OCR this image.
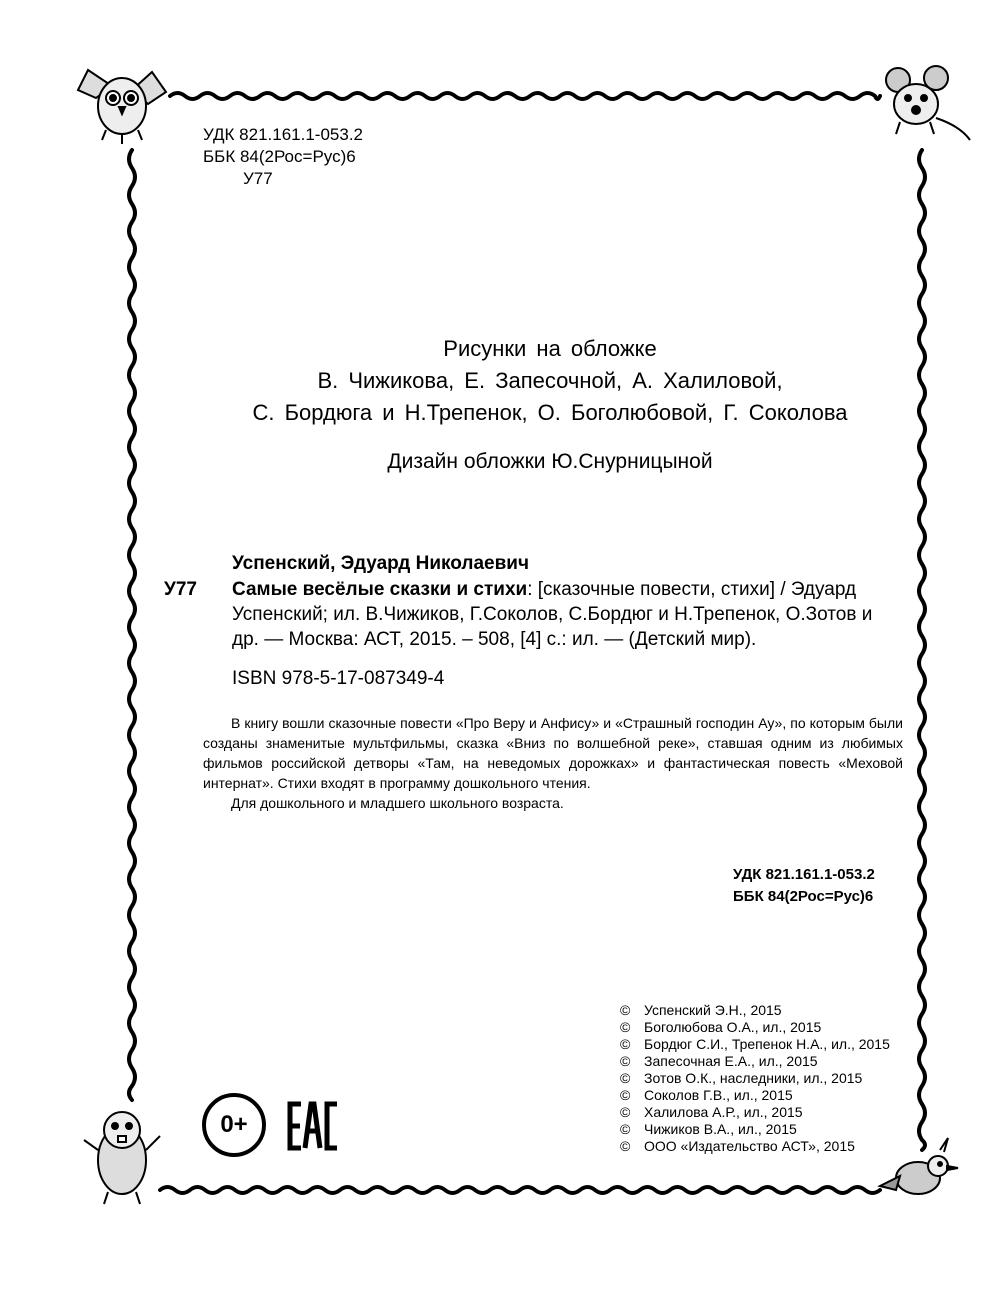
УДК 821.161.1-053.2
ББК 84(2Рос=Рус)6
У77
Рисунки на обложке
В. Чижикова, Е. Запесочной, А. Халиловой,
С. Бордюга и Н.Трепенок, О. Боголюбовой, Г. Соколова
Дизайн обложки Ю.Снурницыной
Успенский, Эдуард Николаевич
У77 Самые весёлые сказки и стихи: [сказочные повести, стихи] / Эдуард Успенский; ил. В.Чижиков, Г.Соколов, С.Бордюг и Н.Трепенок, О.Зотов и др. — Москва: АСТ, 2015. – 508, [4] с.: ил. — (Детский мир).
ISBN 978-5-17-087349-4

В книгу вошли сказочные повести «Про Веру и Анфису» и «Страшный господин Ау», по которым были созданы знаменитые мультфильмы, сказка «Вниз по волшебной реке», ставшая одним из любимых фильмов российской детворы «Там, на неведомых дорожках» и фантастическая повесть «Меховой интернат». Стихи входят в программу дошкольного чтения.

Для дошкольного и младшего школьного возраста.

УДК 821.161.1-053.2
ББК 84(2Рос=Рус)6
© Успенский Э.Н., 2015
© Боголюбова О.А., ил., 2015
© Бордюг С.И., Трепенок Н.А., ил., 2015
© Запесочная Е.А., ил., 2015
© Зотов О.К., наследники, ил., 2015
© Соколов Г.В., ил., 2015
© Халилова А.Р., ил., 2015
© Чижиков В.А., ил., 2015
© ООО «Издательство АСТ», 2015
0+
